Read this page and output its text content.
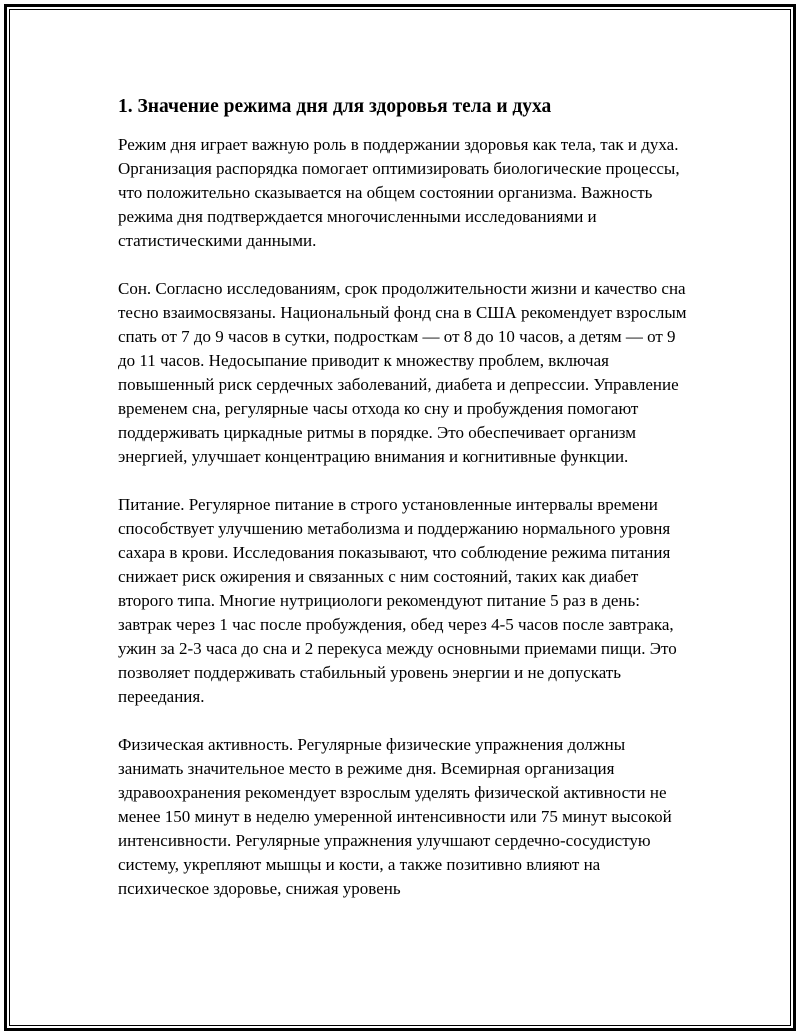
1. Значение режима дня для здоровья тела и духа

Режим дня играет важную роль в поддержании здоровья как тела, так и духа. Организация распорядка помогает оптимизировать биологические процессы, что положительно сказывается на общем состоянии организма. Важность режима дня подтверждается многочисленными исследованиями и статистическими данными.

Сон. Согласно исследованиям, срок продолжительности жизни и качество сна тесно взаимосвязаны. Национальный фонд сна в США рекомендует взрослым спать от 7 до 9 часов в сутки, подросткам — от 8 до 10 часов, а детям — от 9 до 11 часов. Недосыпание приводит к множеству проблем, включая повышенный риск сердечных заболеваний, диабета и депрессии. Управление временем сна, регулярные часы отхода ко сну и пробуждения помогают поддерживать циркадные ритмы в порядке. Это обеспечивает организм энергией, улучшает концентрацию внимания и когнитивные функции.

Питание. Регулярное питание в строго установленные интервалы времени способствует улучшению метаболизма и поддержанию нормального уровня сахара в крови. Исследования показывают, что соблюдение режима питания снижает риск ожирения и связанных с ним состояний, таких как диабет второго типа. Многие нутрициологи рекомендуют питание 5 раз в день: завтрак через 1 час после пробуждения, обед через 4-5 часов после завтрака, ужин за 2-3 часа до сна и 2 перекуса между основными приемами пищи. Это позволяет поддерживать стабильный уровень энергии и не допускать переедания.

Физическая активность. Регулярные физические упражнения должны занимать значительное место в режиме дня. Всемирная организация здравоохранения рекомендует взрослым уделять физической активности не менее 150 минут в неделю умеренной интенсивности или 75 минут высокой интенсивности. Регулярные упражнения улучшают сердечно-сосудистую систему, укрепляют мышцы и кости, а также позитивно влияют на психическое здоровье, снижая уровень
